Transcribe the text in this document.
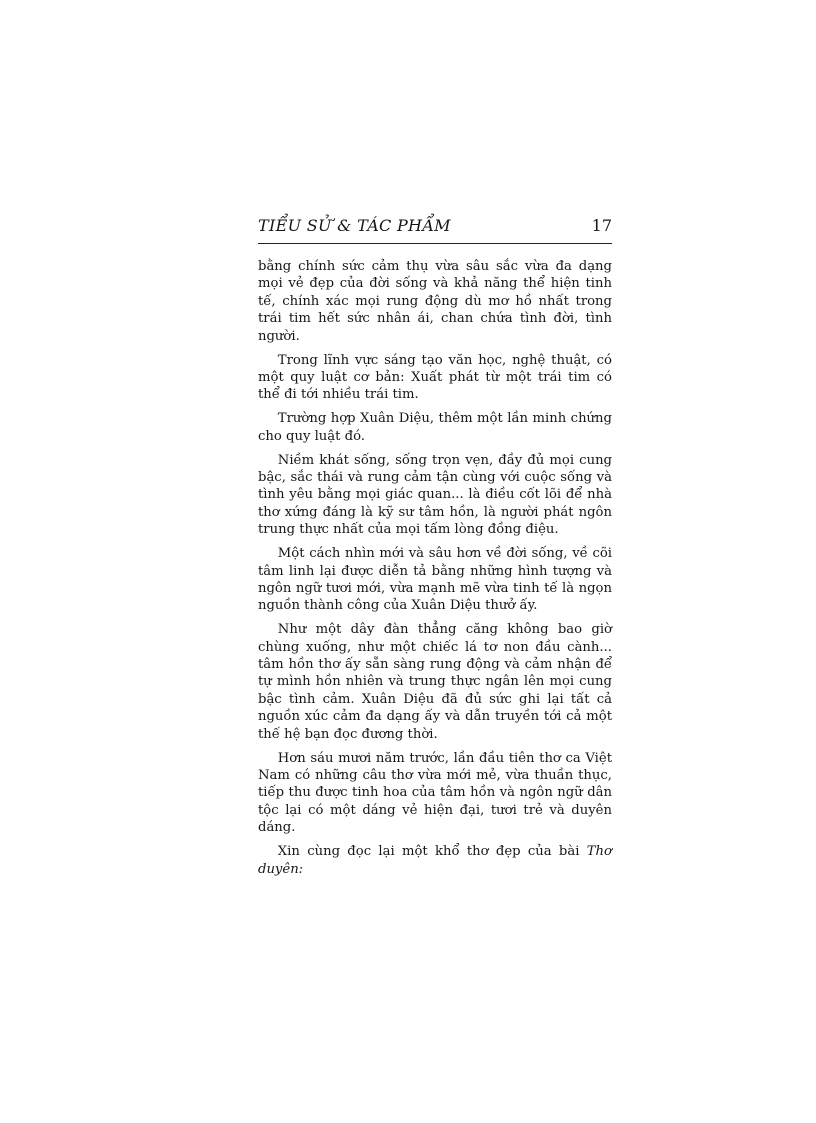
TIỂU SỬ & TÁC PHẨM	17

bằng chính sức cảm thụ vừa sâu sắc vừa đa dạng mọi vẻ đẹp của đời sống và khả năng thể hiện tinh tế, chính xác mọi rung động dù mơ hồ nhất trong trái tim hết sức nhân ái, chan chứa tình đời, tình người.

Trong lĩnh vực sáng tạo văn học, nghệ thuật, có một quy luật cơ bản: Xuất phát từ một trái tim có thể đi tới nhiều trái tim.

Trường hợp Xuân Diệu, thêm một lần minh chứng cho quy luật đó.

Niềm khát sống, sống trọn vẹn, đầy đủ mọi cung bậc, sắc thái và rung cảm tận cùng với cuộc sống và tình yêu bằng mọi giác quan... là điều cốt lõi để nhà thơ xứng đáng là kỹ sư tâm hồn, là người phát ngôn trung thực nhất của mọi tấm lòng đồng điệu.

Một cách nhìn mới và sâu hơn về đời sống, về cõi tâm linh lại được diễn tả bằng những hình tượng và ngôn ngữ tươi mới, vừa mạnh mẽ vừa tinh tế là ngọn nguồn thành công của Xuân Diệu thưở ấy.

Như một dây đàn thẳng căng không bao giờ chùng xuống, như một chiếc lá tơ non đầu cành... tâm hồn thơ ấy sẵn sàng rung động và cảm nhận để tự mình hồn nhiên và trung thực ngân lên mọi cung bậc tình cảm. Xuân Diệu đã đủ sức ghi lại tất cả nguồn xúc cảm đa dạng ấy và dẫn truyền tới cả một thế hệ bạn đọc đương thời.

Hơn sáu mươi năm trước, lần đầu tiên thơ ca Việt Nam có những câu thơ vừa mới mẻ, vừa thuần thục, tiếp thu được tinh hoa của tâm hồn và ngôn ngữ dân tộc lại có một dáng vẻ hiện đại, tươi trẻ và duyên dáng.

Xin cùng đọc lại một khổ thơ đẹp của bài Thơ duyên:
